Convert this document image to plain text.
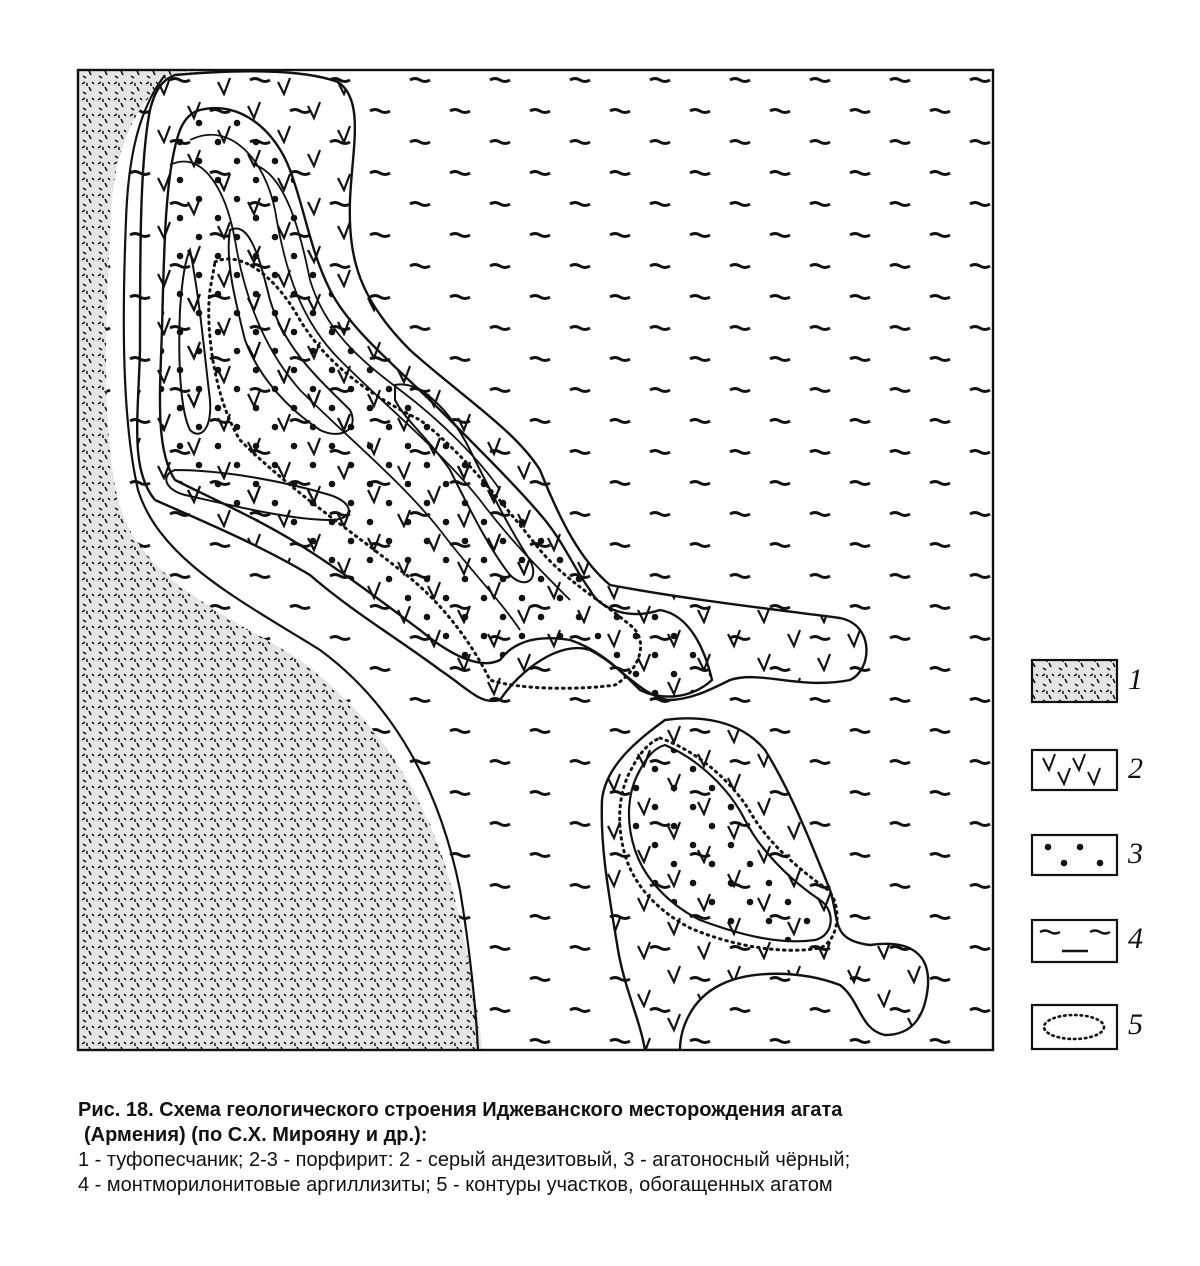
1
2
3
4
5

Рис. 18. Схема геологического строения Иджеванского месторождения агата

(Армения) (по С.Х. Мирояну и др.):

1 - туфопесчаник; 2-3 - порфирит: 2 - серый андезитовый, 3 - агатоносный чёрный;

4 - монтморилонитовые аргиллизиты; 5 - контуры участков, обогащенных агатом
